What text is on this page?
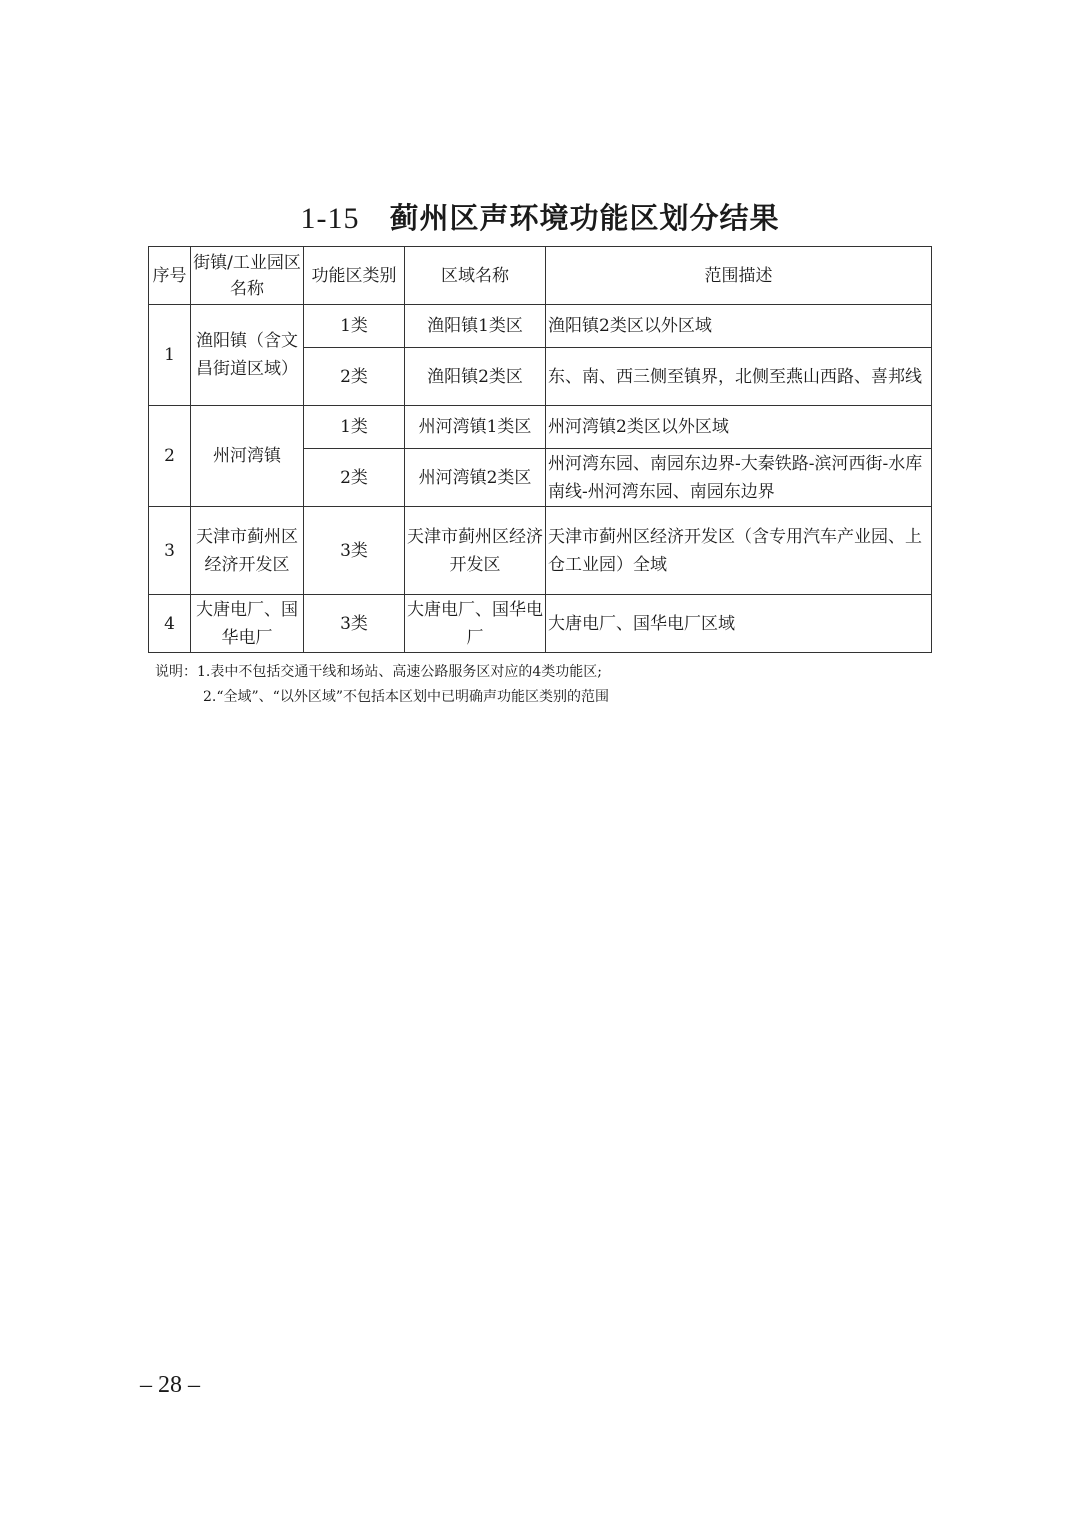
1-15 蓟州区声环境功能区划分结果
序号	街镇/工业园区名称	功能区类别	区域名称	范围描述
1	渔阳镇（含文昌街道区域）	1类	渔阳镇1类区	渔阳镇2类区以外区域
		2类	渔阳镇2类区	东、南、西三侧至镇界，北侧至燕山西路、喜邦线
2	州河湾镇	1类	州河湾镇1类区	州河湾镇2类区以外区域
		2类	州河湾镇2类区	州河湾东园、南园东边界-大秦铁路-滨河西街-水库南线-州河湾东园、南园东边界
3	天津市蓟州区经济开发区	3类	天津市蓟州区经济开发区	天津市蓟州区经济开发区（含专用汽车产业园、上仓工业园）全域
4	大唐电厂、国华电厂	3类	大唐电厂、国华电厂	大唐电厂、国华电厂区域
说明：1.表中不包括交通干线和场站、高速公路服务区对应的4类功能区;
2.“全域”、“以外区域”不包括本区划中已明确声功能区类别的范围
– 28 –
